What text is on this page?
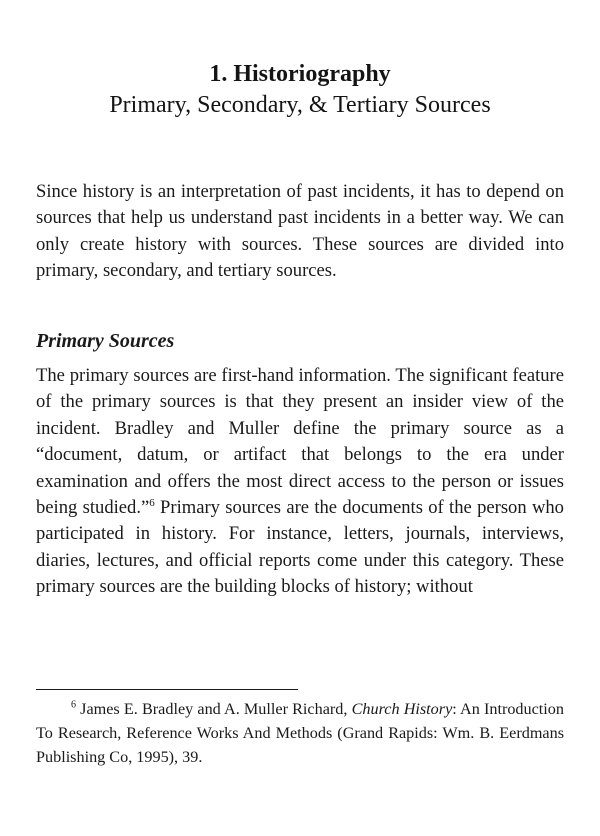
1. Historiography
Primary, Secondary, & Tertiary Sources

Since history is an interpretation of past incidents, it has to depend on sources that help us understand past incidents in a better way. We can only create history with sources. These sources are divided into primary, secondary, and tertiary sources.

Primary Sources

The primary sources are first-hand information. The significant feature of the primary sources is that they present an insider view of the incident. Bradley and Muller define the primary source as a “document, datum, or artifact that belongs to the era under examination and offers the most direct access to the person or issues being studied.”$^6$ Primary sources are the documents of the person who participated in history. For instance, letters, journals, interviews, diaries, lectures, and official reports come under this category. These primary sources are the building blocks of history; without

$^6$ James E. Bradley and A. Muller Richard, Church History: An Introduction To Research, Reference Works And Methods (Grand Rapids: Wm. B. Eerdmans Publishing Co, 1995), 39.
